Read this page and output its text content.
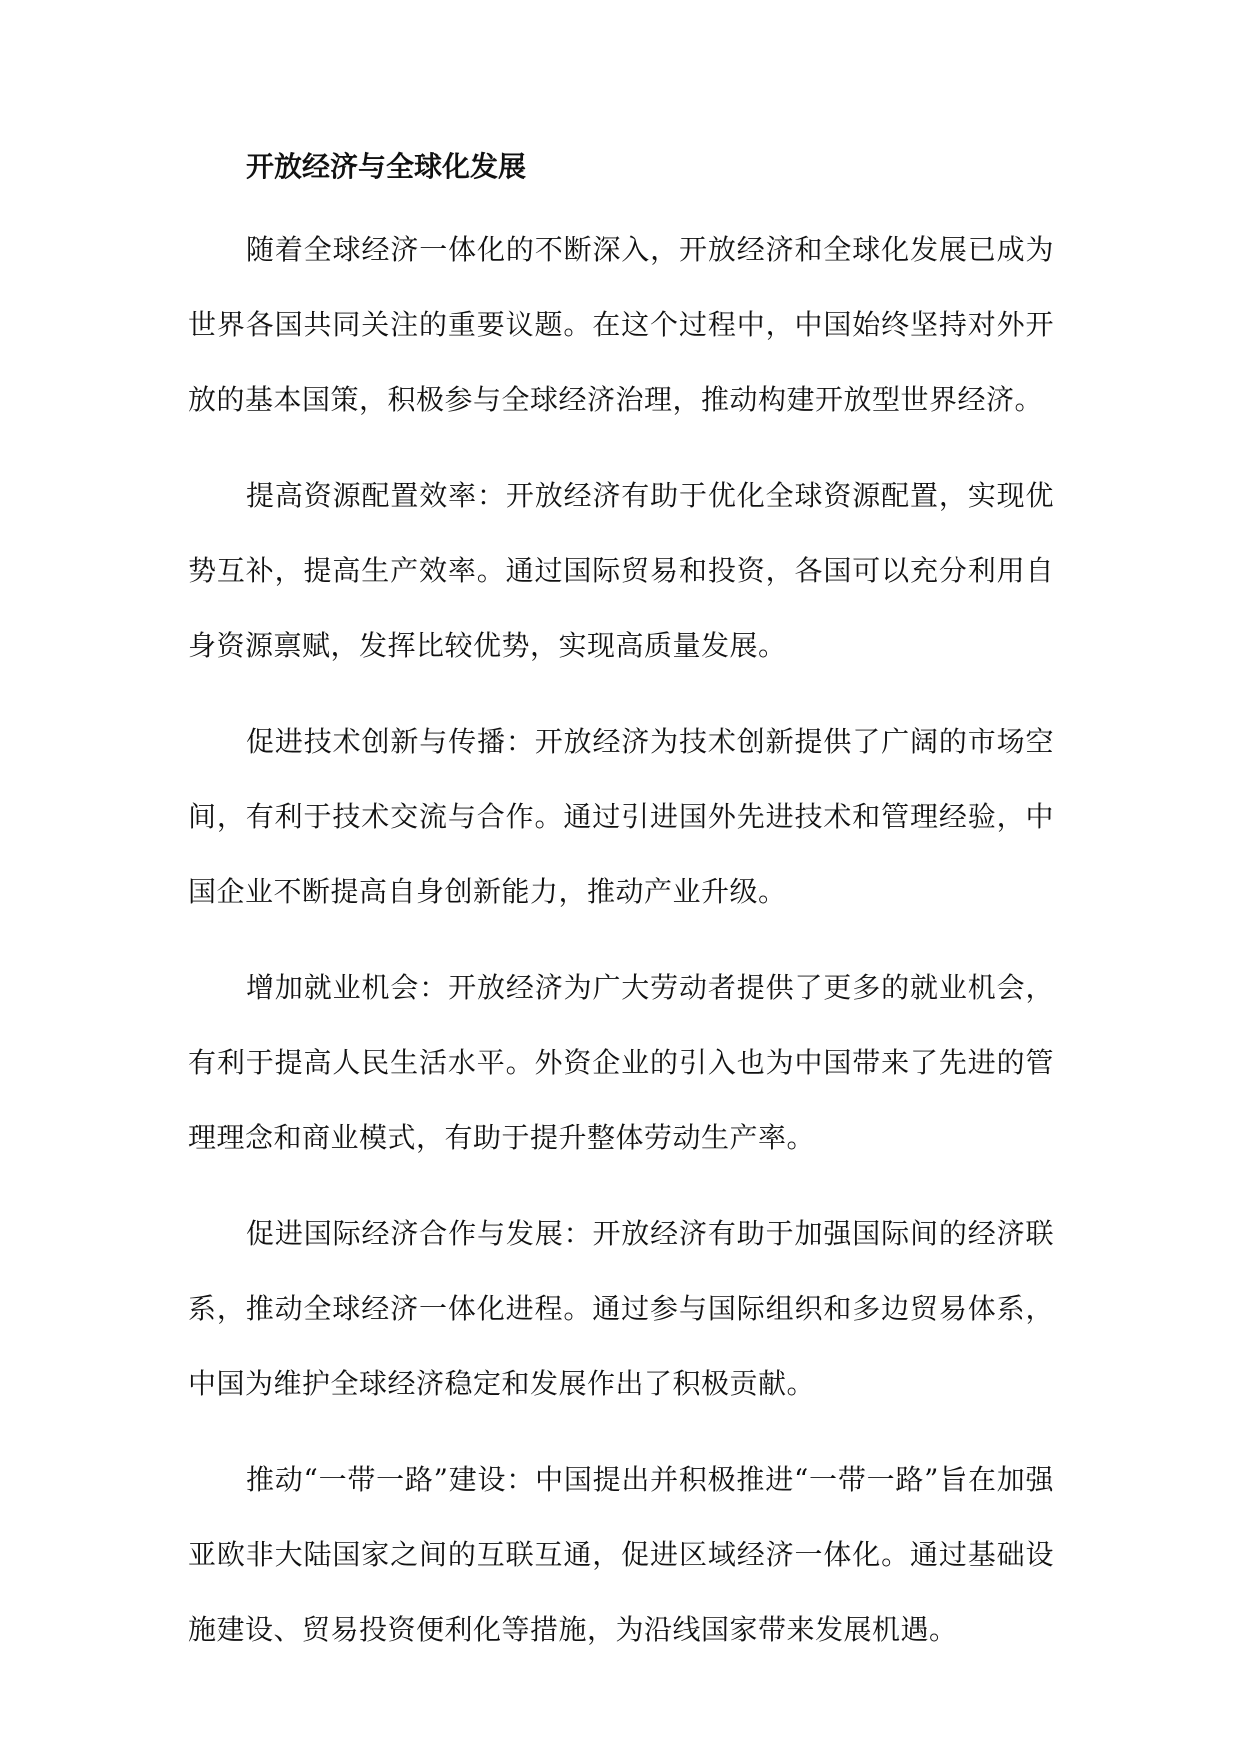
开放经济与全球化发展

随着全球经济一体化的不断深入，开放经济和全球化发展已成为世界各国共同关注的重要议题。在这个过程中，中国始终坚持对外开放的基本国策，积极参与全球经济治理，推动构建开放型世界经济。

提高资源配置效率：开放经济有助于优化全球资源配置，实现优势互补，提高生产效率。通过国际贸易和投资，各国可以充分利用自身资源禀赋，发挥比较优势，实现高质量发展。

促进技术创新与传播：开放经济为技术创新提供了广阔的市场空间，有利于技术交流与合作。通过引进国外先进技术和管理经验，中国企业不断提高自身创新能力，推动产业升级。

增加就业机会：开放经济为广大劳动者提供了更多的就业机会，有利于提高人民生活水平。外资企业的引入也为中国带来了先进的管理理念和商业模式，有助于提升整体劳动生产率。

促进国际经济合作与发展：开放经济有助于加强国际间的经济联系，推动全球经济一体化进程。通过参与国际组织和多边贸易体系，中国为维护全球经济稳定和发展作出了积极贡献。

推动“一带一路”建设：中国提出并积极推进“一带一路”旨在加强亚欧非大陆国家之间的互联互通，促进区域经济一体化。通过基础设施建设、贸易投资便利化等措施，为沿线国家带来发展机遇。
